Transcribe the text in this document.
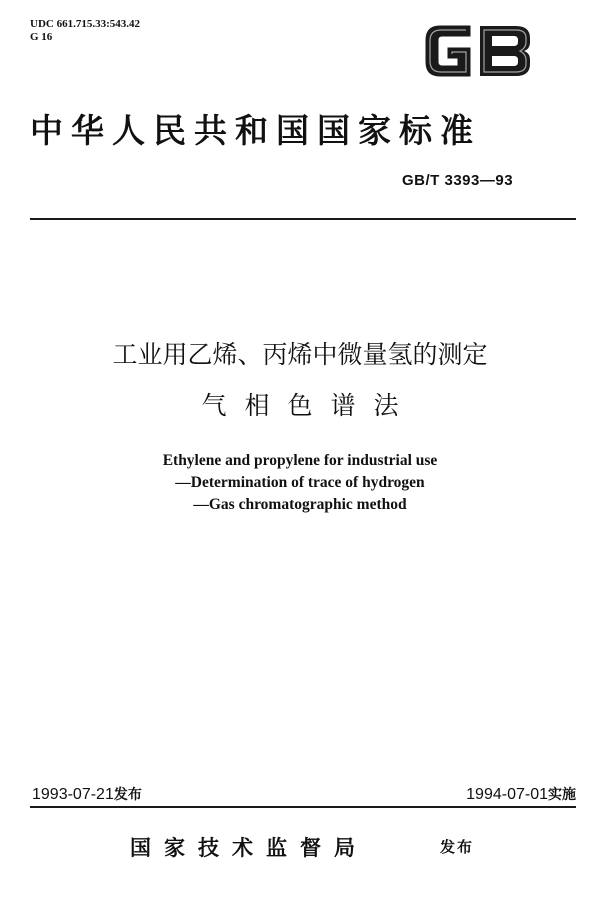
UDC 661.715.33:543.42
G 16
中华人民共和国国家标准
GB/T 3393—93
工业用乙烯、丙烯中微量氢的测定
气相色谱法
Ethylene and propylene for industrial use
—Determination of trace of hydrogen
—Gas chromatographic method
1993-07-21发布	1994-07-01实施
国家技术监督局	发布
